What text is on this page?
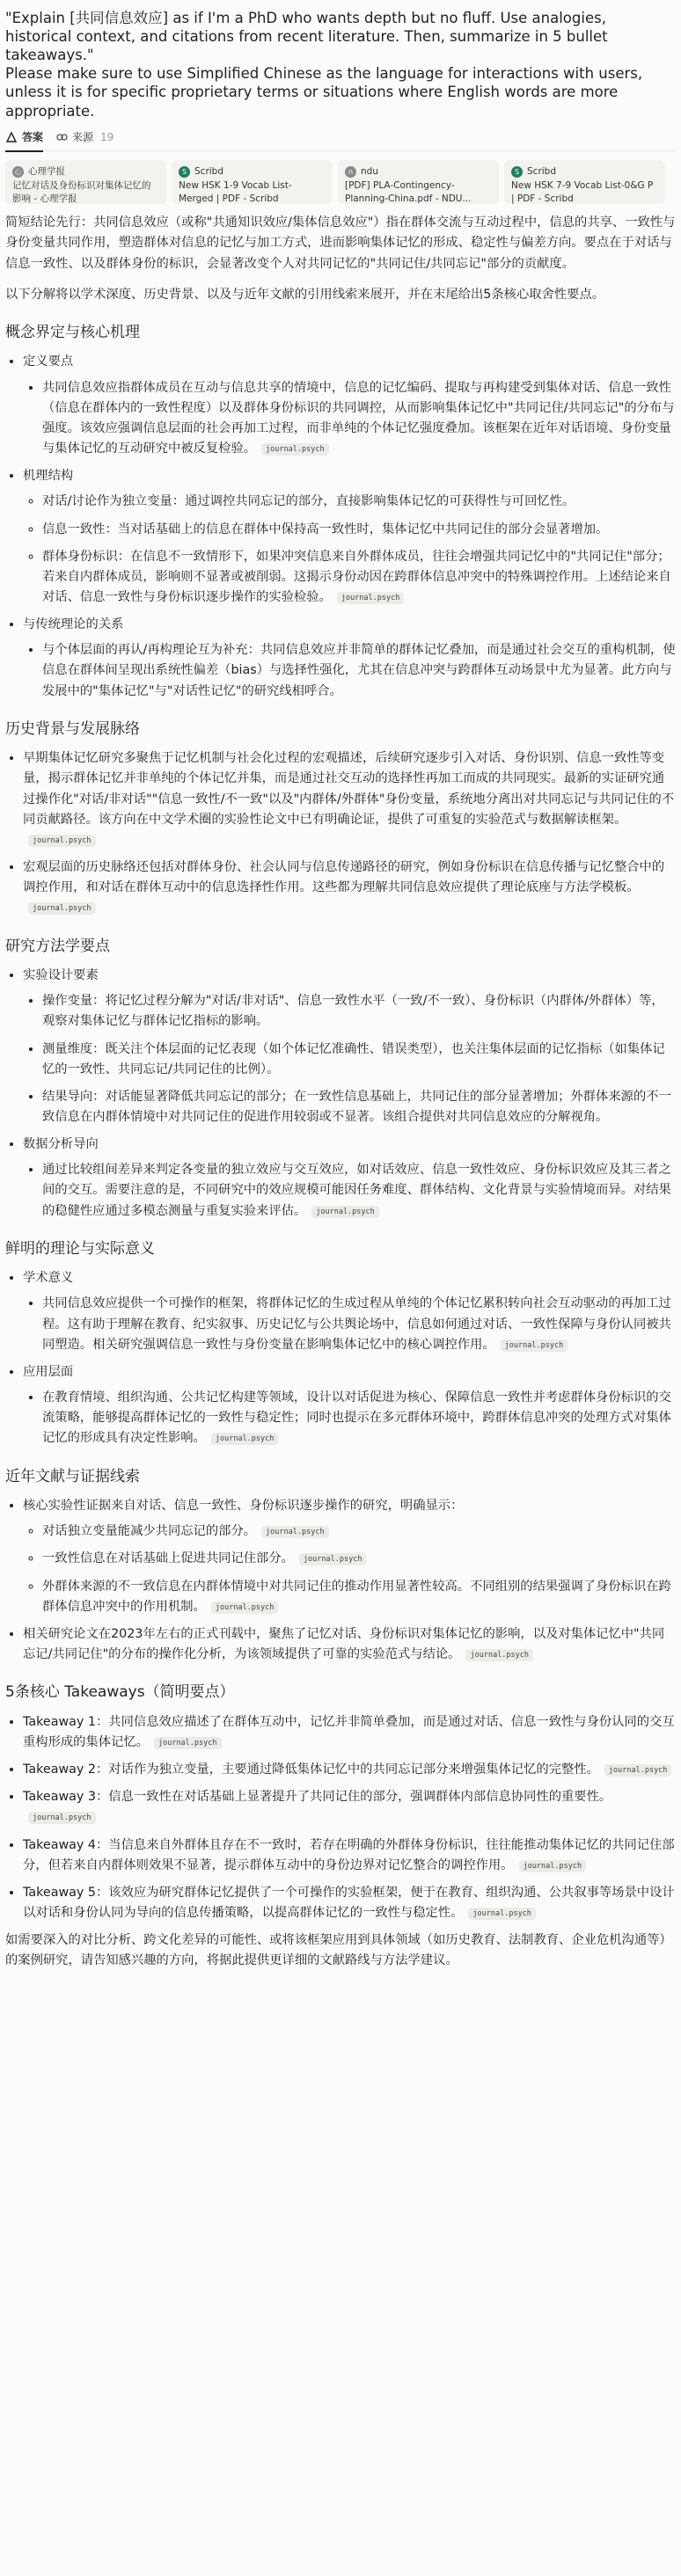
"Explain [共同信息效应] as if I'm a PhD who wants depth but no fluff. Use analogies, historical context, and citations from recent literature. Then, summarize in 5 bullet takeaways."

Please make sure to use Simplified Chinese as the language for interactions with users, unless it is for specific proprietary terms or situations where English words are more appropriate.

答案	来源 19
心 心理学报
记忆对话及身份标识对集体记忆的影响 - 心理学报
S Scribd
New HSK 1-9 Vocab List-Merged | PDF - Scribd
n ndu
[PDF] PLA-Contingency-Planning-China.pdf - NDU...
S Scribd
New HSK 7-9 Vocab List-0&G P | PDF - Scribd

简短结论先行：共同信息效应（或称"共通知识效应/集体信息效应"）指在群体交流与互动过程中，信息的共享、一致性与身份变量共同作用，塑造群体对信息的记忆与加工方式，进而影响集体记忆的形成、稳定性与偏差方向。要点在于对话与信息一致性、以及群体身份的标识，会显著改变个人对共同记忆的"共同记住/共同忘记"部分的贡献度。

以下分解将以学术深度、历史背景、以及与近年文献的引用线索来展开，并在末尾给出5条核心取舍性要点。

概念界定与核心机理
• 定义要点
• 共同信息效应指群体成员在互动与信息共享的情境中，信息的记忆编码、提取与再构建受到集体对话、信息一致性（信息在群体内的一致性程度）以及群体身份标识的共同调控，从而影响集体记忆中"共同记住/共同忘记"的分布与强度。该效应强调信息层面的社会再加工过程，而非单纯的个体记忆强度叠加。该框架在近年对话语境、身份变量与集体记忆的互动研究中被反复检验。 journal.psych
• 机理结构
◦ 对话/讨论作为独立变量：通过调控共同忘记的部分，直接影响集体记忆的可获得性与可回忆性。
◦ 信息一致性：当对话基础上的信息在群体中保持高一致性时，集体记忆中共同记住的部分会显著增加。
◦ 群体身份标识：在信息不一致情形下，如果冲突信息来自外群体成员，往往会增强共同记忆中的"共同记住"部分；若来自内群体成员，影响则不显著或被削弱。这揭示身份动因在跨群体信息冲突中的特殊调控作用。上述结论来自对话、信息一致性与身份标识逐步操作的实验检验。 journal.psych
• 与传统理论的关系
• 与个体层面的再认/再构理论互为补充：共同信息效应并非简单的群体记忆叠加，而是通过社会交互的重构机制，使信息在群体间呈现出系统性偏差（bias）与选择性强化，尤其在信息冲突与跨群体互动场景中尤为显著。此方向与发展中的"集体记忆"与"对话性记忆"的研究线相呼合。
历史背景与发展脉络
• 早期集体记忆研究多聚焦于记忆机制与社会化过程的宏观描述，后续研究逐步引入对话、身份识别、信息一致性等变量，揭示群体记忆并非单纯的个体记忆并集，而是通过社交互动的选择性再加工而成的共同现实。最新的实证研究通过操作化"对话/非对话""信息一致性/不一致"以及"内群体/外群体"身份变量，系统地分离出对共同忘记与共同记住的不同贡献路径。该方向在中文学术圈的实验性论文中已有明确论证，提供了可重复的实验范式与数据解读框架。journal.psych
• 宏观层面的历史脉络还包括对群体身份、社会认同与信息传递路径的研究，例如身份标识在信息传播与记忆整合中的调控作用，和对话在群体互动中的信息选择性作用。这些都为理解共同信息效应提供了理论底座与方法学模板。journal.psych
研究方法学要点
• 实验设计要素
• 操作变量：将记忆过程分解为"对话/非对话"、信息一致性水平（一致/不一致）、身份标识（内群体/外群体）等，观察对集体记忆与群体记忆指标的影响。
• 测量维度：既关注个体层面的记忆表现（如个体记忆准确性、错误类型），也关注集体层面的记忆指标（如集体记忆的一致性、共同忘记/共同记住的比例）。
• 结果导向：对话能显著降低共同忘记的部分；在一致性信息基础上，共同记住的部分显著增加；外群体来源的不一致信息在内群体情境中对共同记住的促进作用较弱或不显著。该组合提供对共同信息效应的分解视角。
• 数据分析导向
• 通过比较组间差异来判定各变量的独立效应与交互效应，如对话效应、信息一致性效应、身份标识效应及其三者之间的交互。需要注意的是，不同研究中的效应规模可能因任务难度、群体结构、文化背景与实验情境而异。对结果的稳健性应通过多模态测量与重复实验来评估。 journal.psych
鲜明的理论与实际意义
• 学术意义
• 共同信息效应提供一个可操作的框架，将群体记忆的生成过程从单纯的个体记忆累积转向社会互动驱动的再加工过程。这有助于理解在教育、纪实叙事、历史记忆与公共舆论场中，信息如何通过对话、一致性保障与身份认同被共同塑造。相关研究强调信息一致性与身份变量在影响集体记忆中的核心调控作用。 journal.psych
• 应用层面
• 在教育情境、组织沟通、公共记忆构建等领域，设计以对话促进为核心、保障信息一致性并考虑群体身份标识的交流策略，能够提高群体记忆的一致性与稳定性；同时也提示在多元群体环境中，跨群体信息冲突的处理方式对集体记忆的形成具有决定性影响。 journal.psych
近年文献与证据线索
• 核心实验性证据来自对话、信息一致性、身份标识逐步操作的研究，明确显示：
◦ 对话独立变量能减少共同忘记的部分。 journal.psych
◦ 一致性信息在对话基础上促进共同记住部分。 journal.psych
◦ 外群体来源的不一致信息在内群体情境中对共同记住的推动作用显著性较高。不同组别的结果强调了身份标识在跨群体信息冲突中的作用机制。 journal.psych
• 相关研究论文在2023年左右的正式刊载中，聚焦了记忆对话、身份标识对集体记忆的影响，以及对集体记忆中"共同忘记/共同记住"的分布的操作化分析，为该领域提供了可靠的实验范式与结论。 journal.psych
5条核心 Takeaways（简明要点）
• Takeaway 1：共同信息效应描述了在群体互动中，记忆并非简单叠加，而是通过对话、信息一致性与身份认同的交互重构形成的集体记忆。 journal.psych
• Takeaway 2：对话作为独立变量，主要通过降低集体记忆中的共同忘记部分来增强集体记忆的完整性。 journal.psych
• Takeaway 3：信息一致性在对话基础上显著提升了共同记住的部分，强调群体内部信息协同性的重要性。journal.psych
• Takeaway 4：当信息来自外群体且存在不一致时，若存在明确的外群体身份标识，往往能推动集体记忆的共同记住部分，但若来自内群体则效果不显著，提示群体互动中的身份边界对记忆整合的调控作用。 journal.psych
• Takeaway 5：该效应为研究群体记忆提供了一个可操作的实验框架，便于在教育、组织沟通、公共叙事等场景中设计以对话和身份认同为导向的信息传播策略，以提高群体记忆的一致性与稳定性。 journal.psych

如需要深入的对比分析、跨文化差异的可能性、或将该框架应用到具体领域（如历史教育、法制教育、企业危机沟通等）的案例研究，请告知感兴趣的方向，将据此提供更详细的文献路线与方法学建议。
